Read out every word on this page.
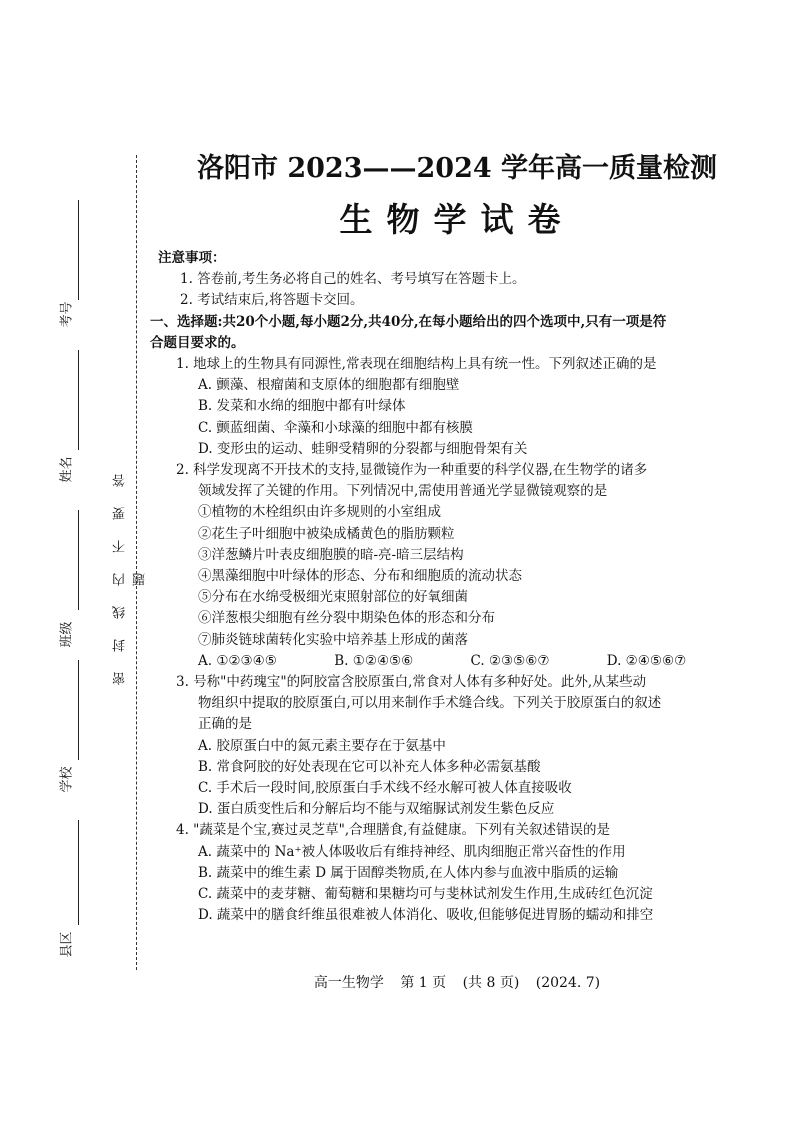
考号
姓名
班级
学校
县区
密封线内不要答题
洛阳市 2023——2024 学年高一质量检测
生物学试卷
注意事项：
1. 答卷前,考生务必将自己的姓名、考号填写在答题卡上。
2. 考试结束后,将答题卡交回。
一、选择题:共20个小题,每小题2分,共40分,在每小题给出的四个选项中,只有一项是符
合题目要求的。
1. 地球上的生物具有同源性,常表现在细胞结构上具有统一性。下列叙述正确的是
A. 颤藻、根瘤菌和支原体的细胞都有细胞壁
B. 发菜和水绵的细胞中都有叶绿体
C. 颤蓝细菌、伞藻和小球藻的细胞中都有核膜
D. 变形虫的运动、蛙卵受精卵的分裂都与细胞骨架有关
2. 科学发现离不开技术的支持,显微镜作为一种重要的科学仪器,在生物学的诸多
领域发挥了关键的作用。下列情况中,需使用普通光学显微镜观察的是
①植物的木栓组织由许多规则的小室组成
②花生子叶细胞中被染成橘黄色的脂肪颗粒
③洋葱鳞片叶表皮细胞膜的暗-亮-暗三层结构
④黑藻细胞中叶绿体的形态、分布和细胞质的流动状态
⑤分布在水绵受极细光束照射部位的好氧细菌
⑥洋葱根尖细胞有丝分裂中期染色体的形态和分布
⑦肺炎链球菌转化实验中培养基上形成的菌落
A. ①②③④⑤	B. ①②④⑤⑥	C. ②③⑤⑥⑦	D. ②④⑤⑥⑦
3. 号称"中药瑰宝"的阿胶富含胶原蛋白,常食对人体有多种好处。此外,从某些动
物组织中提取的胶原蛋白,可以用来制作手术缝合线。下列关于胶原蛋白的叙述
正确的是
A. 胶原蛋白中的氮元素主要存在于氨基中
B. 常食阿胶的好处表现在它可以补充人体多种必需氨基酸
C. 手术后一段时间,胶原蛋白手术线不经水解可被人体直接吸收
D. 蛋白质变性后和分解后均不能与双缩脲试剂发生紫色反应
4. "蔬菜是个宝,赛过灵芝草",合理膳食,有益健康。下列有关叙述错误的是
A. 蔬菜中的 Na⁺被人体吸收后有维持神经、肌肉细胞正常兴奋性的作用
B. 蔬菜中的维生素 D 属于固醇类物质,在人体内参与血液中脂质的运输
C. 蔬菜中的麦芽糖、葡萄糖和果糖均可与斐林试剂发生作用,生成砖红色沉淀
D. 蔬菜中的膳食纤维虽很难被人体消化、吸收,但能够促进胃肠的蠕动和排空
高一生物学 第 1 页 (共 8 页) (2024. 7)
